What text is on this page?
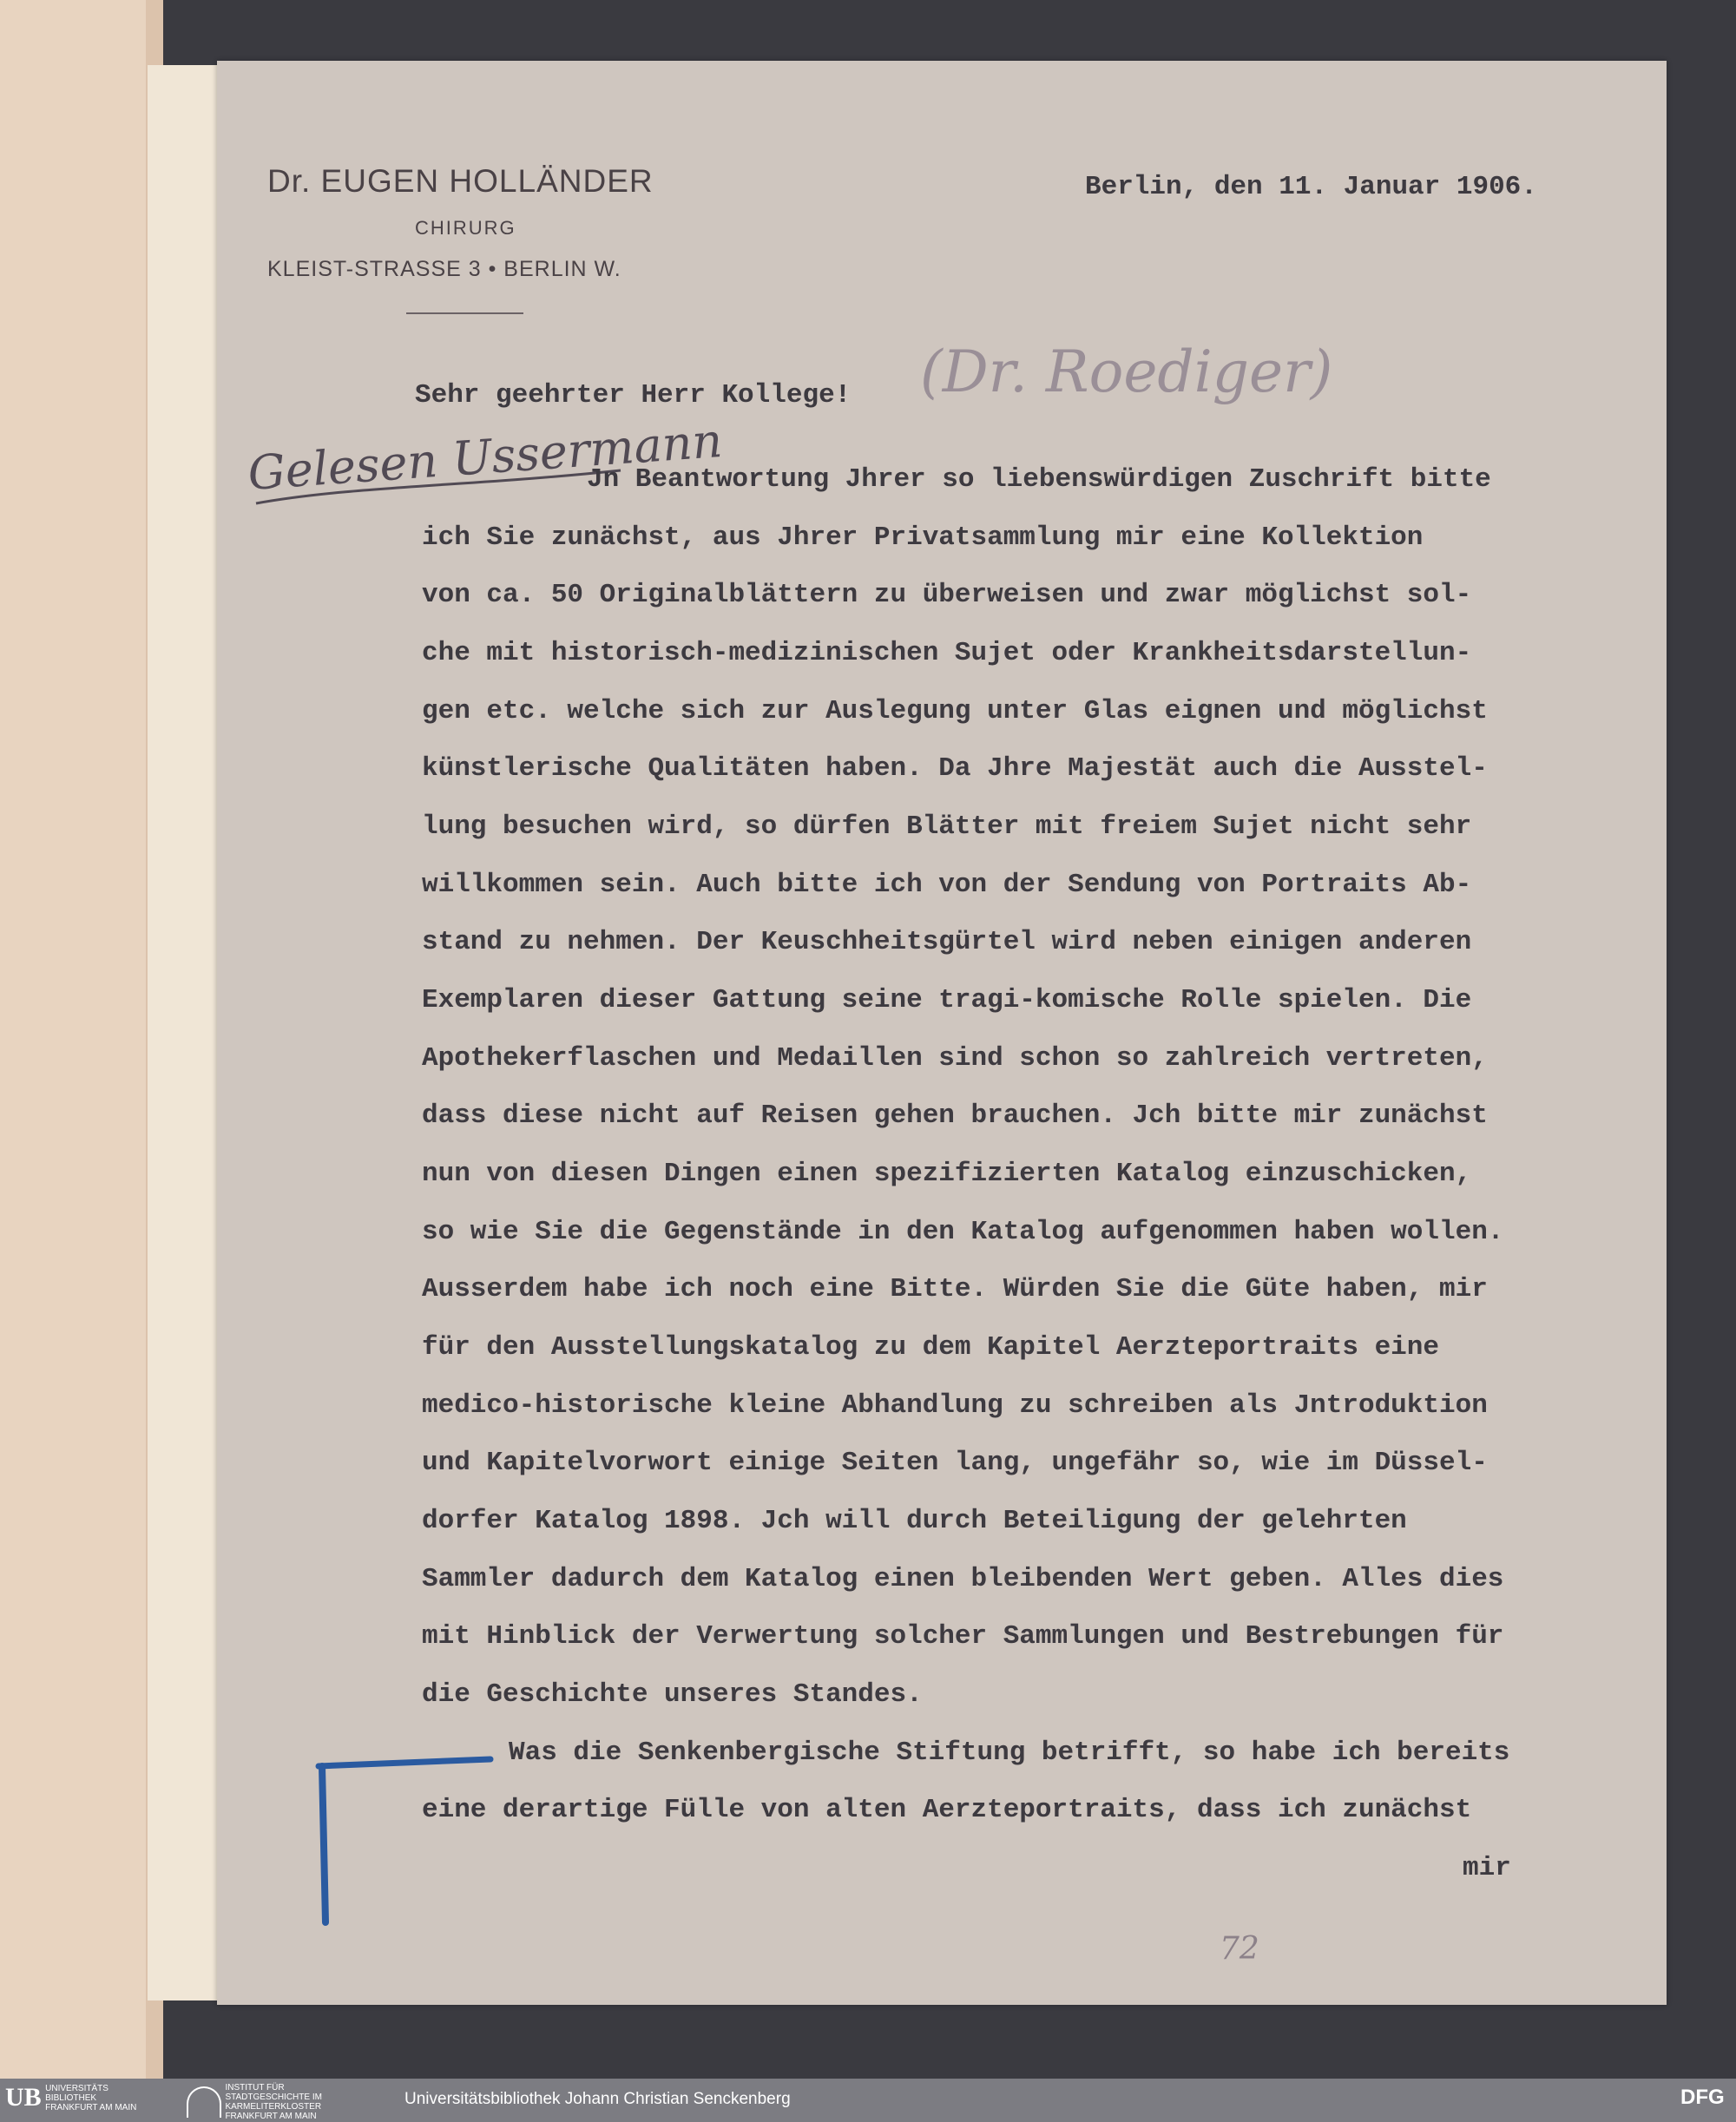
Dr. EUGEN HOLLÄNDER
CHIRURG
KLEIST-STRASSE 3 • BERLIN W.
Berlin, den 11. Januar 1906.
Sehr geehrter Herr Kollege! (Dr. Roediger)
Gelesen Ussermann
Jn Beantwortung Jhrer so liebenswürdigen Zuschrift bitte
ich Sie zunächst, aus Jhrer Privatsammlung mir eine Kollektion
von ca. 50 Originalblättern zu überweisen und zwar möglichst sol-
che mit historisch-medizinischen Sujet oder Krankheitsdarstellun-
gen etc. welche sich zur Auslegung unter Glas eignen und möglichst
künstlerische Qualitäten haben. Da Jhre Majestät auch die Ausstel-
lung besuchen wird, so dürfen Blätter mit freiem Sujet nicht sehr
willkommen sein. Auch bitte ich von der Sendung von Portraits Ab-
stand zu nehmen. Der Keuschheitsgürtel wird neben einigen anderen
Exemplaren dieser Gattung seine tragi-komische Rolle spielen. Die
Apothekerflaschen und Medaillen sind schon so zahlreich vertreten,
dass diese nicht auf Reisen gehen brauchen. Jch bitte mir zunächst
nun von diesen Dingen einen spezifizierten Katalog einzuschicken,
so wie Sie die Gegenstände in den Katalog aufgenommen haben wollen.
Ausserdem habe ich noch eine Bitte. Würden Sie die Güte haben, mir
für den Ausstellungskatalog zu dem Kapitel Aerzteportraits eine
medico-historische kleine Abhandlung zu schreiben als Jntroduktion
und Kapitelvorwort einige Seiten lang, ungefähr so, wie im Düssel-
dorfer Katalog 1898. Jch will durch Beteiligung der gelehrten
Sammler dadurch dem Katalog einen bleibenden Wert geben. Alles dies
mit Hinblick der Verwertung solcher Sammlungen und Bestrebungen für
die Geschichte unseres Standes.
Was die Senkenbergische Stiftung betrifft, so habe ich bereits
eine derartige Fülle von alten Aerzteportraits, dass ich zunächst
mir
72
UB UNIVERSITÄTS BIBLIOTHEK FRANKFURT AM MAIN
INSTITUT FÜR STADTGESCHICHTE IM KARMELITERKLOSTER FRANKFURT AM MAIN
Universitätsbibliothek Johann Christian Senckenberg	DFG
